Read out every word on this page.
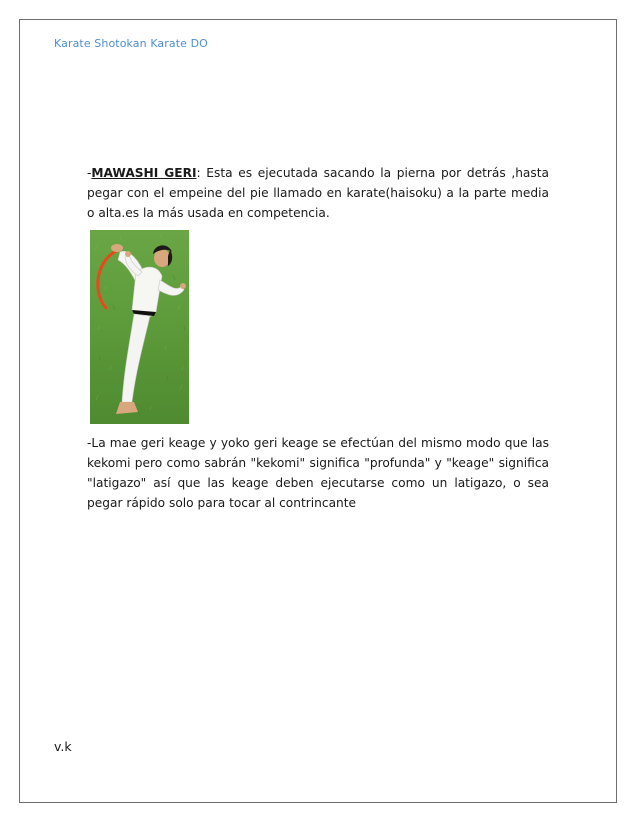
Karate Shotokan Karate DO

-MAWASHI GERI: Esta es ejecutada sacando la pierna por detrás ,hasta pegar con el empeine del pie llamado en karate(haisoku) a la parte media o alta.es la más usada en competencia.

-La mae geri keage y yoko geri keage se efectúan del mismo modo que las kekomi pero como sabrán "kekomi" significa "profunda" y "keage" significa "latigazo" así que las keage deben ejecutarse como un latigazo, o sea pegar rápido solo para tocar al contrincante

v.k
